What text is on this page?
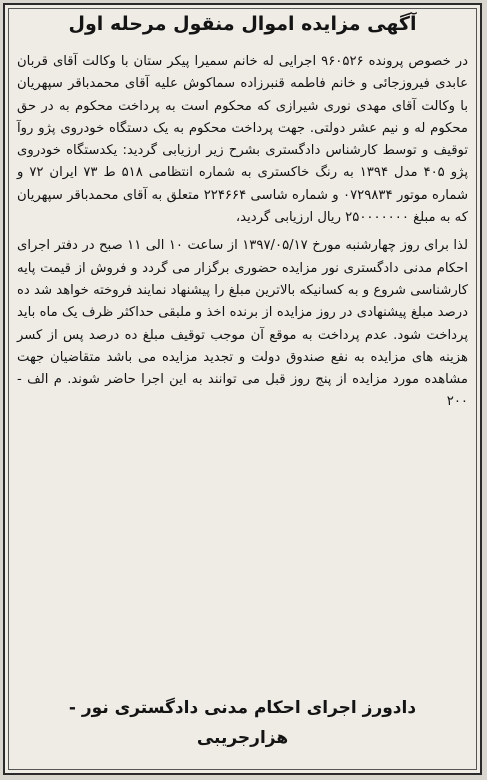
آگهی مزایده اموال منقول مرحله اول

در خصوص پرونده ۹۶۰۵۲۶ اجرایی له خانم سمیرا پیکر ستان با وکالت آقای قربان عابدی فیروزجائی و خانم فاطمه قنبرزاده سماکوش علیه آقای محمدباقر سپهریان با وکالت آقای مهدی نوری شیرازی که محکوم است به پرداخت محکوم به در حق محکوم له و نیم عشر دولتی. جهت پرداخت محکوم به یک دستگاه خودروی پژو روآ توقیف و توسط کارشناس دادگستری بشرح زیر ارزیابی گردید: یکدستگاه خودروی پژو ۴۰۵ مدل ۱۳۹۴ به رنگ خاکستری به شماره انتظامی ۵۱۸ ط ۷۳ ایران ۷۲ و شماره موتور ۰۷۲۹۸۳۴ و شماره شاسی ۲۲۴۶۶۴ متعلق به آقای محمدباقر سپهریان که به مبلغ ۲۵۰۰۰۰۰۰۰ ریال ارزیابی گردید،

لذا برای روز چهارشنبه مورخ ۱۳۹۷/۰۵/۱۷ از ساعت ۱۰ الی ۱۱ صبح در دفتر اجرای احکام مدنی دادگستری نور مزایده حضوری برگزار می گردد و فروش از قیمت پایه کارشناسی شروع و به کسانیکه بالاترین مبلغ را پیشنهاد نمایند فروخته خواهد شد ده درصد مبلغ پیشنهادی در روز مزایده از برنده اخذ و ملبقی حداکثر ظرف یک ماه باید پرداخت شود. عدم پرداخت به موقع آن موجب توقیف مبلغ ده درصد پس از کسر هزینه های مزایده به نفع صندوق دولت و تجدید مزایده می باشد متقاضیان جهت مشاهده مورد مزایده از پنج روز قبل می توانند به این اجرا حاضر شوند. م الف - ۲۰۰

دادورز اجرای احکام مدنی دادگستری نور -
هزارجریبی
